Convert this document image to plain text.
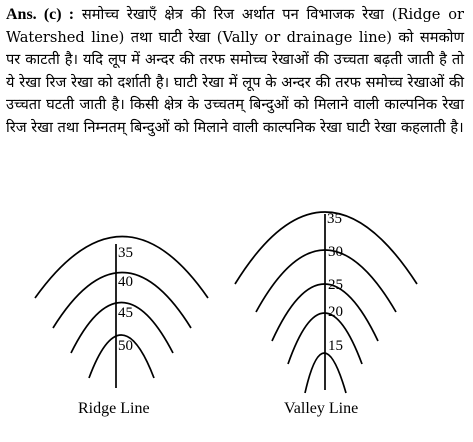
Ans. (c) : समोच्च रेखाएँ क्षेत्र की रिज अर्थात पन विभाजक रेखा (Ridge or Watershed line) तथा घाटी रेखा (Vally or drainage line) को समकोण पर काटती है। यदि लूप में अन्दर की तरफ समोच्च रेखाओं की उच्चता बढ़ती जाती है तो ये रेखा रिज रेखा को दर्शाती है। घाटी रेखा में लूप के अन्दर की तरफ समोच्च रेखाओं की उच्चता घटती जाती है। किसी क्षेत्र के उच्चतम् बिन्दुओं को मिलाने वाली काल्पनिक रेखा रिज रेखा तथा निम्नतम् बिन्दुओं को मिलाने वाली काल्पनिक रेखा घाटी रेखा कहलाती है।
35
40
45
50
35
30
25
20
15
Ridge Line	Valley Line
